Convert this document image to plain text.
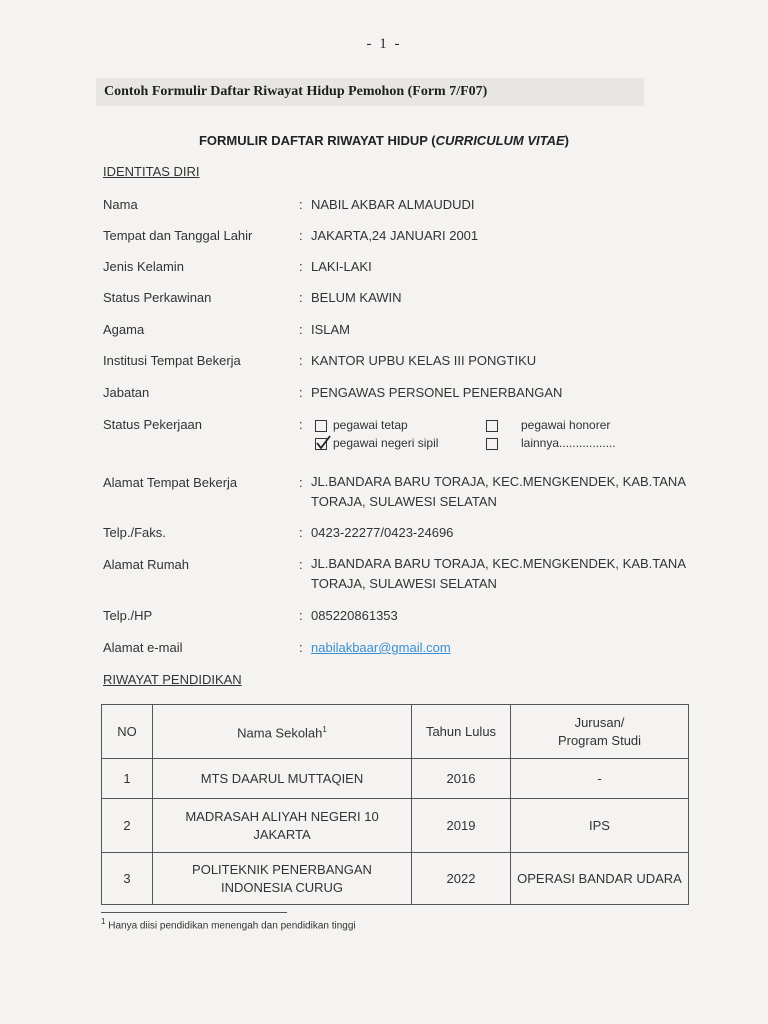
- 1 -
Contoh Formulir Daftar Riwayat Hidup Pemohon (Form 7/F07)
FORMULIR DAFTAR RIWAYAT HIDUP (CURRICULUM VITAE)
IDENTITAS DIRI
Nama	: NABIL AKBAR ALMAUDUDI
Tempat dan Tanggal Lahir	: JAKARTA,24 JANUARI 2001
Jenis Kelamin	: LAKI-LAKI
Status Perkawinan	: BELUM KAWIN
Agama	: ISLAM
Institusi Tempat Bekerja	: KANTOR UPBU KELAS III PONGTIKU
Jabatan	: PENGAWAS PERSONEL PENERBANGAN
Status Pekerjaan	:	pegawai tetap	pegawai honorer
pegawai negeri sipil	lainnya.................
Alamat Tempat Bekerja	: JL.BANDARA BARU TORAJA, KEC.MENGKENDEK, KAB.TANA TORAJA, SULAWESI SELATAN
Telp./Faks.	: 0423-22277/0423-24696
Alamat Rumah	: JL.BANDARA BARU TORAJA, KEC.MENGKENDEK, KAB.TANA TORAJA, SULAWESI SELATAN
Telp./HP	: 085220861353
Alamat e-mail	: nabilakbaar@gmail.com
RIWAYAT PENDIDIKAN
NO	Nama Sekolah$^1$	Tahun Lulus	Jurusan/
Program Studi
1	MTS DAARUL MUTTAQIEN	2016	-
2	MADRASAH ALIYAH NEGERI 10
JAKARTA	2019	IPS
3	POLITEKNIK PENERBANGAN
INDONESIA CURUG	2022	OPERASI BANDAR UDARA
$^1$ Hanya diisi pendidikan menengah dan pendidikan tinggi
